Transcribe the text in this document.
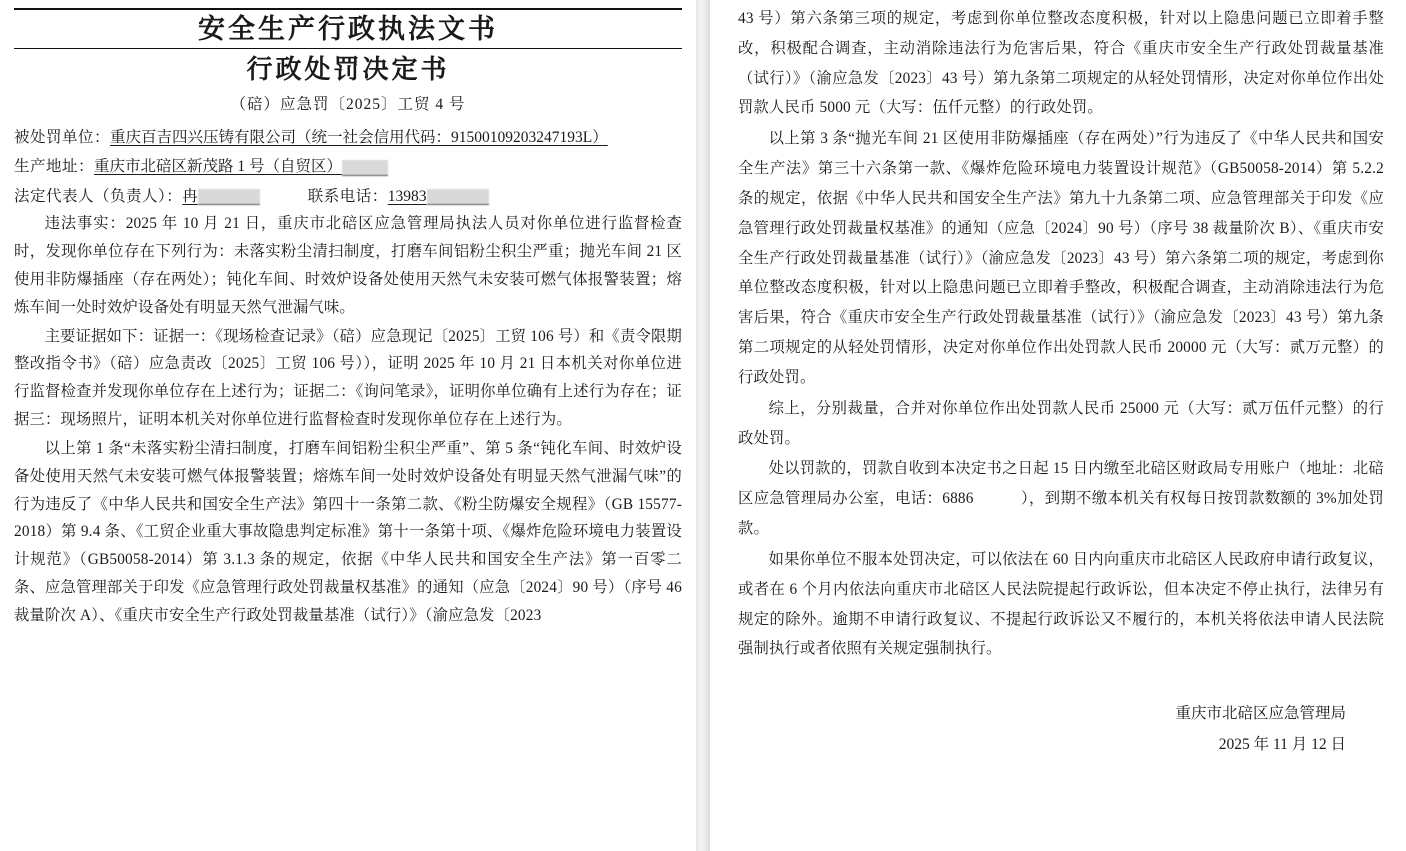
安全生产行政执法文书
行政处罚决定书
（碚）应急罚〔2025〕工贸 4 号
被处罚单位：重庆百吉四兴压铸有限公司（统一社会信用代码：91500109203247193L）
生产地址：重庆市北碚区新茂路 1 号（自贸区）
法定代表人（负责人）：冉	联系电话：13983

违法事实：2025 年 10 月 21 日，重庆市北碚区应急管理局执法人员对你单位进行监督检查时，发现你单位存在下列行为：未落实粉尘清扫制度，打磨车间铝粉尘积尘严重；抛光车间 21 区使用非防爆插座（存在两处）；钝化车间、时效炉设备处使用天然气未安装可燃气体报警装置；熔炼车间一处时效炉设备处有明显天然气泄漏气味。

主要证据如下：证据一：《现场检查记录》（碚）应急现记〔2025〕工贸 106 号）和《责令限期整改指令书》（碚）应急责改〔2025〕工贸 106 号）），证明 2025 年 10 月 21 日本机关对你单位进行监督检查并发现你单位存在上述行为；证据二：《询问笔录》，证明你单位确有上述行为存在；证据三：现场照片，证明本机关对你单位进行监督检查时发现你单位存在上述行为。

以上第 1 条“未落实粉尘清扫制度，打磨车间铝粉尘积尘严重”、第 5 条“钝化车间、时效炉设备处使用天然气未安装可燃气体报警装置；熔炼车间一处时效炉设备处有明显天然气泄漏气味”的行为违反了《中华人民共和国安全生产法》第四十一条第二款、《粉尘防爆安全规程》（GB 15577-2018）第 9.4 条、《工贸企业重大事故隐患判定标准》第十一条第十项、《爆炸危险环境电力装置设计规范》（GB50058-2014）第 3.1.3 条的规定，依据《中华人民共和国安全生产法》第一百零二条、应急管理部关于印发《应急管理行政处罚裁量权基准》的通知（应急〔2024〕90 号）（序号 46 裁量阶次 A）、《重庆市安全生产行政处罚裁量基准（试行）》（渝应急发〔2023

43 号）第六条第三项的规定，考虑到你单位整改态度积极，针对以上隐患问题已立即着手整改，积极配合调查，主动消除违法行为危害后果，符合《重庆市安全生产行政处罚裁量基准（试行）》（渝应急发〔2023〕43 号）第九条第二项规定的从轻处罚情形，决定对你单位作出处罚款人民币 5000 元（大写：伍仟元整）的行政处罚。

以上第 3 条“抛光车间 21 区使用非防爆插座（存在两处）”行为违反了《中华人民共和国安全生产法》第三十六条第一款、《爆炸危险环境电力装置设计规范》（GB50058-2014）第 5.2.2 条的规定，依据《中华人民共和国安全生产法》第九十九条第二项、应急管理部关于印发《应急管理行政处罚裁量权基准》的通知（应急〔2024〕90 号）（序号 38 裁量阶次 B）、《重庆市安全生产行政处罚裁量基准（试行）》（渝应急发〔2023〕43 号）第六条第二项的规定，考虑到你单位整改态度积极，针对以上隐患问题已立即着手整改，积极配合调查，主动消除违法行为危害后果，符合《重庆市安全生产行政处罚裁量基准（试行）》（渝应急发〔2023〕43 号）第九条第二项规定的从轻处罚情形，决定对你单位作出处罚款人民币 20000 元（大写：贰万元整）的行政处罚。

综上，分别裁量，合并对你单位作出处罚款人民币 25000 元（大写：贰万伍仟元整）的行政处罚。

处以罚款的，罚款自收到本决定书之日起 15 日内缴至北碚区财政局专用账户（地址：北碚区应急管理局办公室，电话：6886　　　），到期不缴本机关有权每日按罚款数额的 3%加处罚款。

如果你单位不服本处罚决定，可以依法在 60 日内向重庆市北碚区人民政府申请行政复议，或者在 6 个月内依法向重庆市北碚区人民法院提起行政诉讼，但本决定不停止执行，法律另有规定的除外。逾期不申请行政复议、不提起行政诉讼又不履行的，本机关将依法申请人民法院强制执行或者依照有关规定强制执行。

重庆市北碚区应急管理局
2025 年 11 月 12 日
